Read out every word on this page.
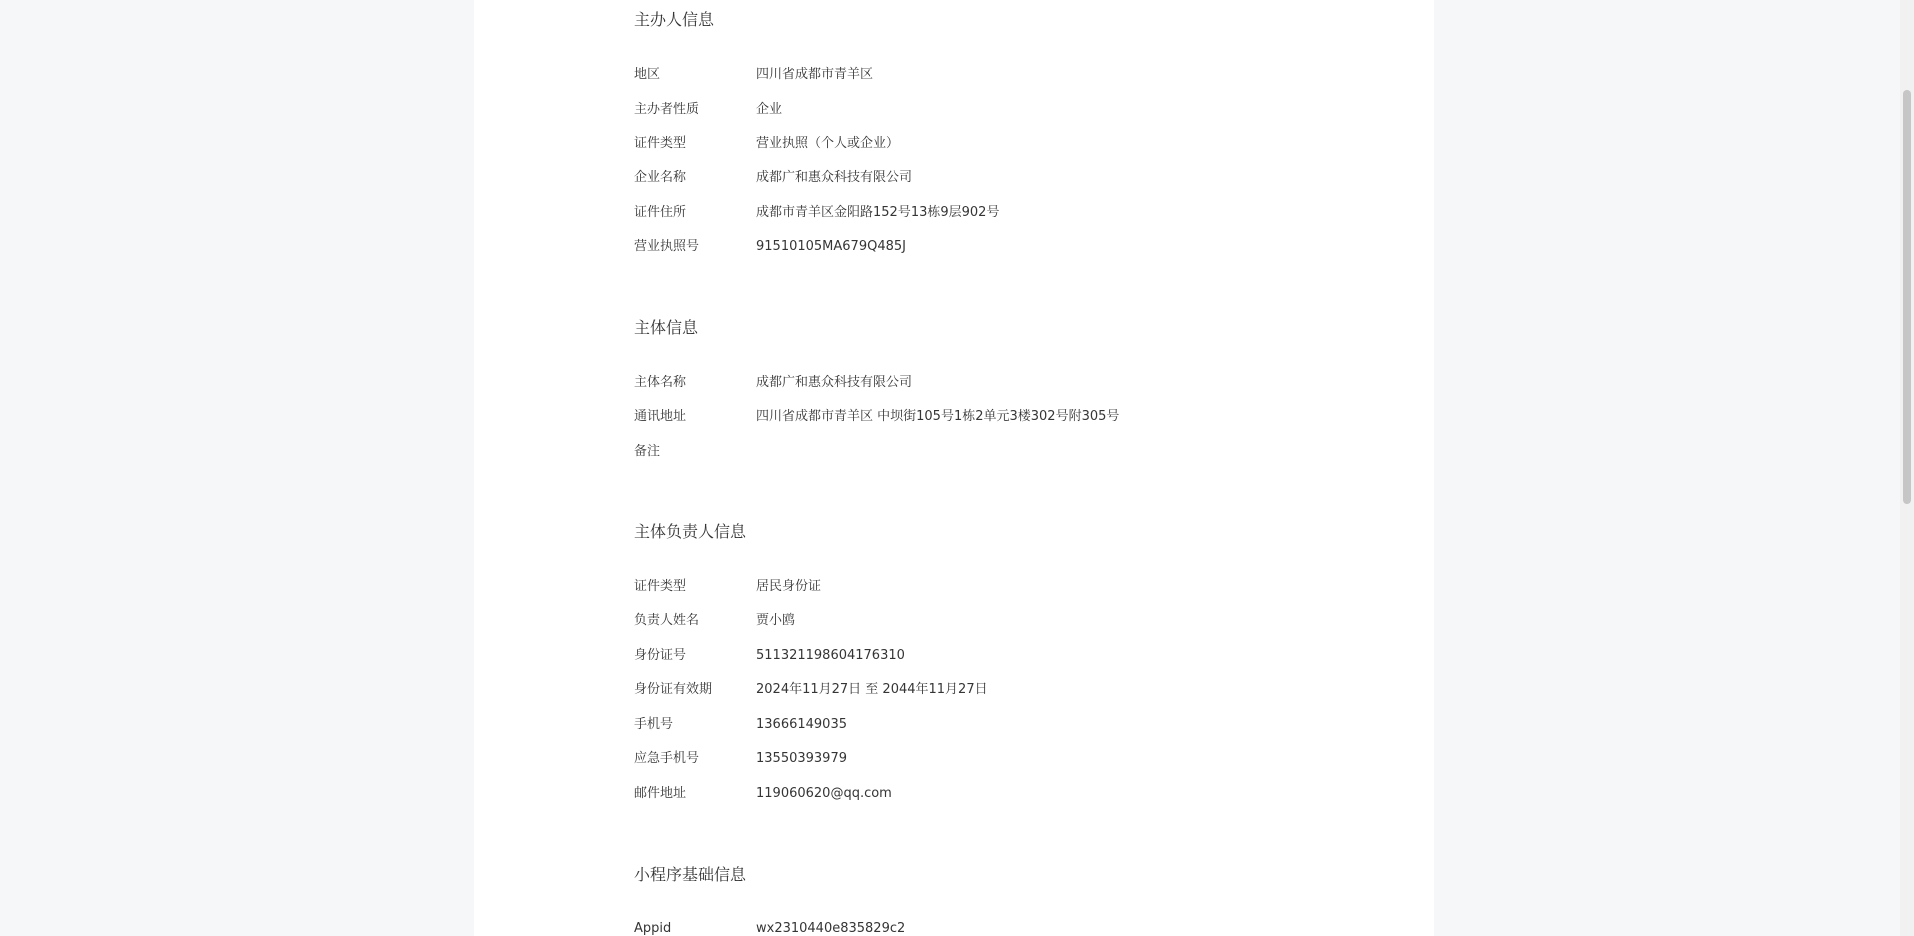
主办人信息
地区	四川省成都市青羊区
主办者性质	企业
证件类型	营业执照（个人或企业）
企业名称	成都广和惠众科技有限公司
证件住所	成都市青羊区金阳路152号13栋9层902号
营业执照号	91510105MA679Q485J
主体信息
主体名称	成都广和惠众科技有限公司
通讯地址	四川省成都市青羊区 中坝街105号1栋2单元3楼302号附305号
备注
主体负责人信息
证件类型	居民身份证
负责人姓名	贾小鸥
身份证号	511321198604176310
身份证有效期	2024年11月27日 至 2044年11月27日
手机号	13666149035
应急手机号	13550393979
邮件地址	119060620@qq.com
小程序基础信息
Appid	wx2310440e835829c2
